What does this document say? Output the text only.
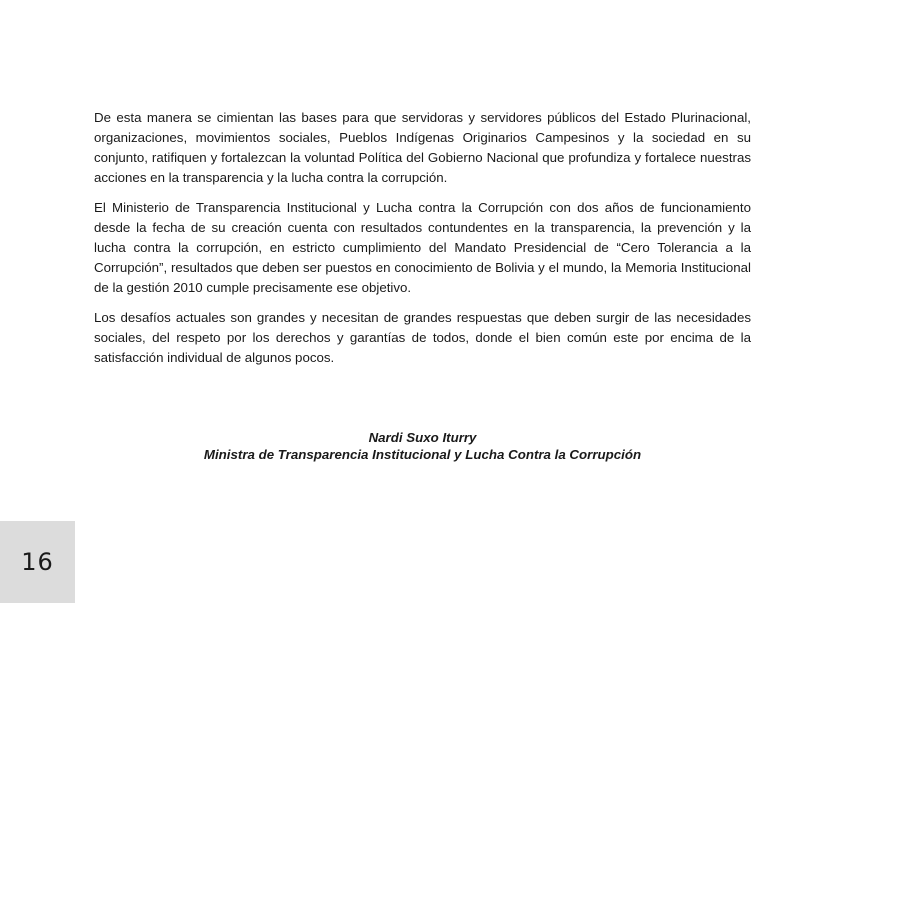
De esta manera se cimientan las bases para que servidoras y servidores públicos del Estado Plurinacional, organizaciones, movimientos sociales, Pueblos Indígenas Originarios Campesinos y la sociedad en su conjunto, ratifiquen y fortalezcan la voluntad Política del Gobierno Nacional que profundiza y fortalece nuestras acciones en la transparencia y la lucha contra la corrupción.

El Ministerio de Transparencia Institucional y Lucha contra la Corrupción con dos años de funcionamiento desde la fecha de su creación cuenta con resultados contundentes en la transparencia, la prevención y la lucha contra la corrupción, en estricto cumplimiento del Mandato Presidencial de “Cero Tolerancia a la Corrupción”, resultados que deben ser puestos en conocimiento de Bolivia y el mundo, la Memoria Institucional de la gestión 2010 cumple precisamente ese objetivo.

Los desafíos actuales son grandes y necesitan de grandes respuestas que deben surgir de las necesidades sociales, del respeto por los derechos y garantías de todos, donde el bien común este por encima de la satisfacción individual de algunos pocos.

Nardi Suxo Iturry
Ministra de Transparencia Institucional y Lucha Contra la Corrupción
16
